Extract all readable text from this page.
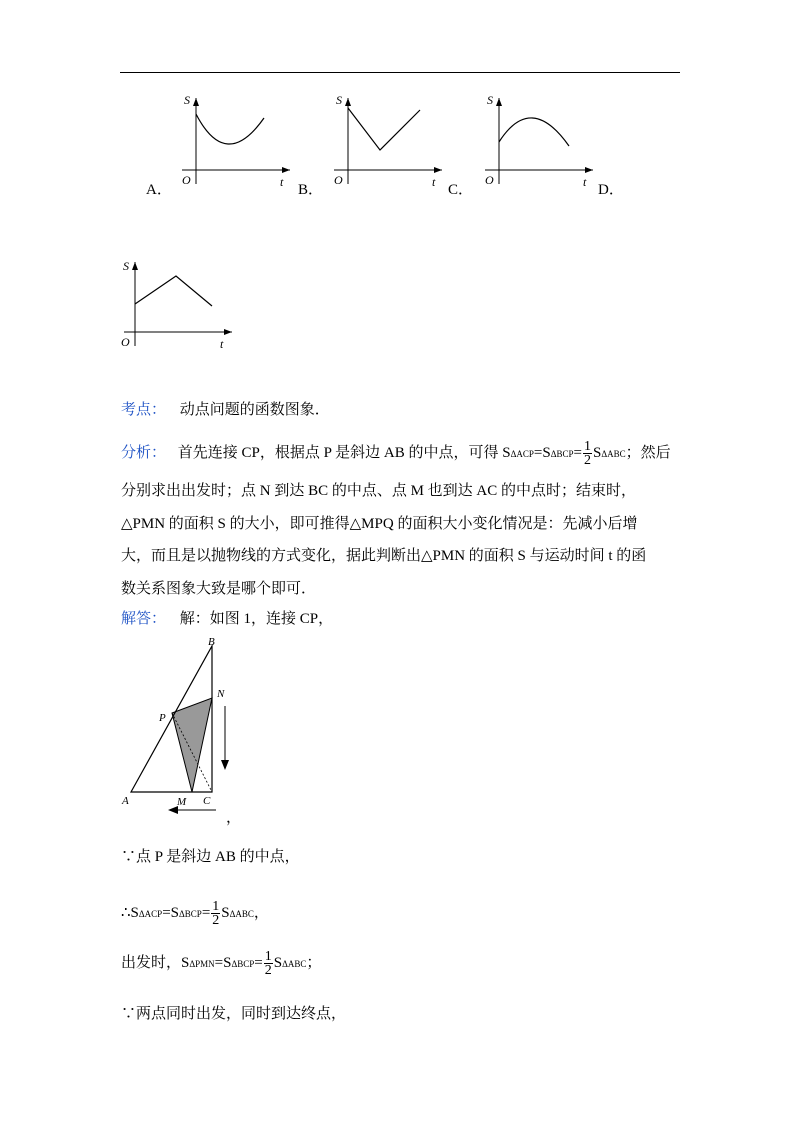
S
O	t
A．
S
O	t
B．
S
O	t
C．	D．
S
O	t
考点： 动点问题的函数图象．
分析： 首先连接 CP，根据点 P 是斜边 AB 的中点，可得 $S\Delta ACP=S\Delta BCP= \frac{1}{2}$ SΔABC；然后
分别求出出发时；点 N 到达 BC 的中点、点 M 也到达 AC 的中点时；结束时，
△PMN 的面积 S 的大小，即可推得△MPQ 的面积大小变化情况是：先减小后增
大，而且是以抛物线的方式变化，据此判断出△PMN 的面积 S 与运动时间 t 的函
数关系图象大致是哪个即可．
解答： 解：如图 1，连接 CP，
B
N
P
A	M C
，
∵点 P 是斜边 AB 的中点，
∴SΔACP=SΔBCP= $\frac{1}{2}$ SΔABC，
出发时，$S\Delta PMN=S\Delta BCP= \frac{1}{2}$ SΔABC；
∵两点同时出发，同时到达终点，
